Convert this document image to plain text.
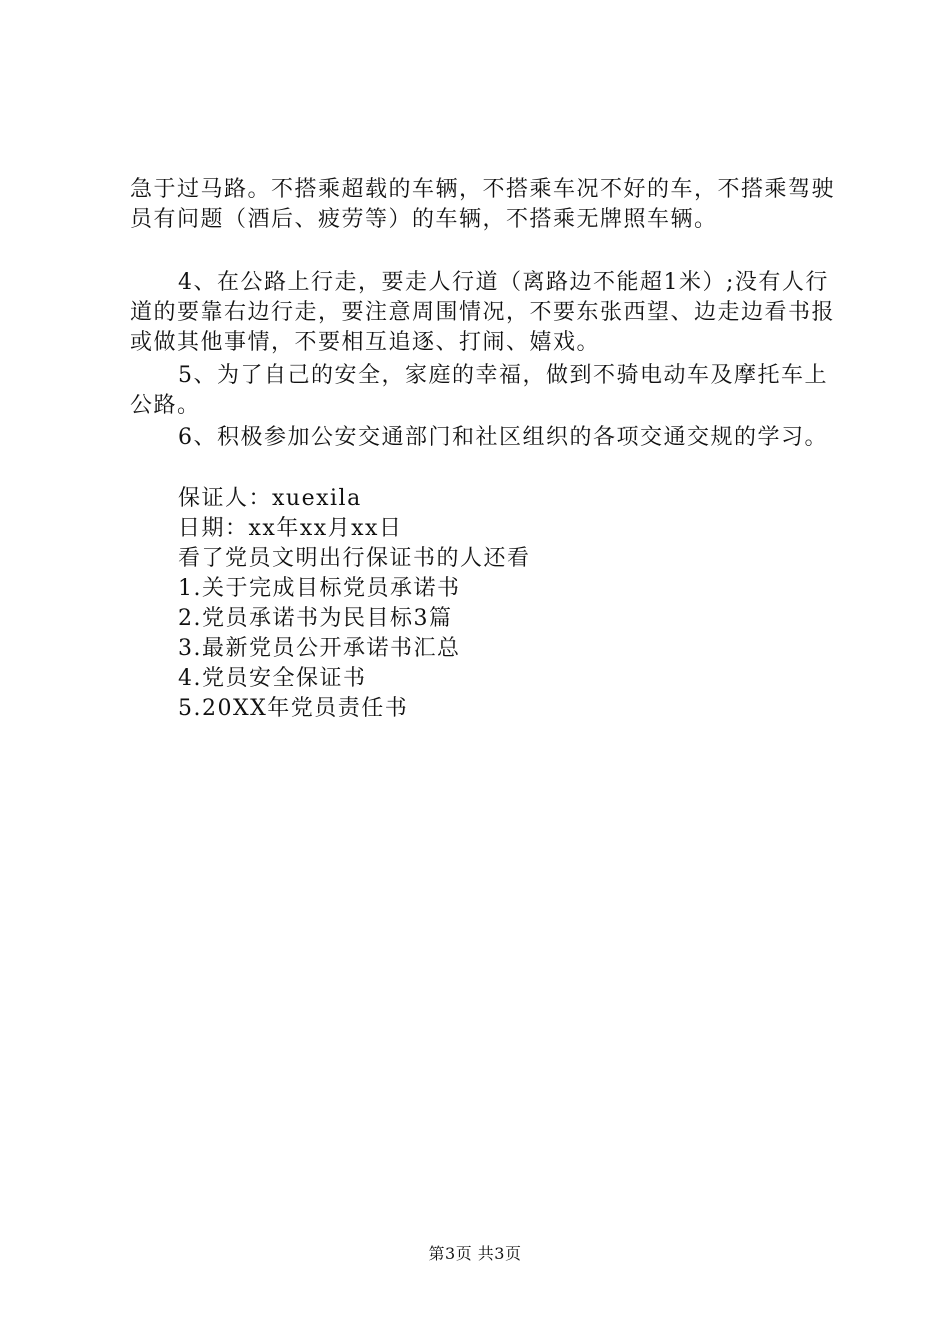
急于过马路。不搭乘超载的车辆，不搭乘车况不好的车，不搭乘驾驶员有问题（酒后、疲劳等）的车辆，不搭乘无牌照车辆。

4、在公路上行走，要走人行道（离路边不能超1米）;没有人行道的要靠右边行走，要注意周围情况，不要东张西望、边走边看书报或做其他事情，不要相互追逐、打闹、嬉戏。

5、为了自己的安全，家庭的幸福，做到不骑电动车及摩托车上公路。

6、积极参加公安交通部门和社区组织的各项交通交规的学习。

保证人：xuexila
日期：xx年xx月xx日
看了党员文明出行保证书的人还看
1.关于完成目标党员承诺书
2.党员承诺书为民目标3篇
3.最新党员公开承诺书汇总
4.党员安全保证书
5.20XX年党员责任书
第3页 共3页
